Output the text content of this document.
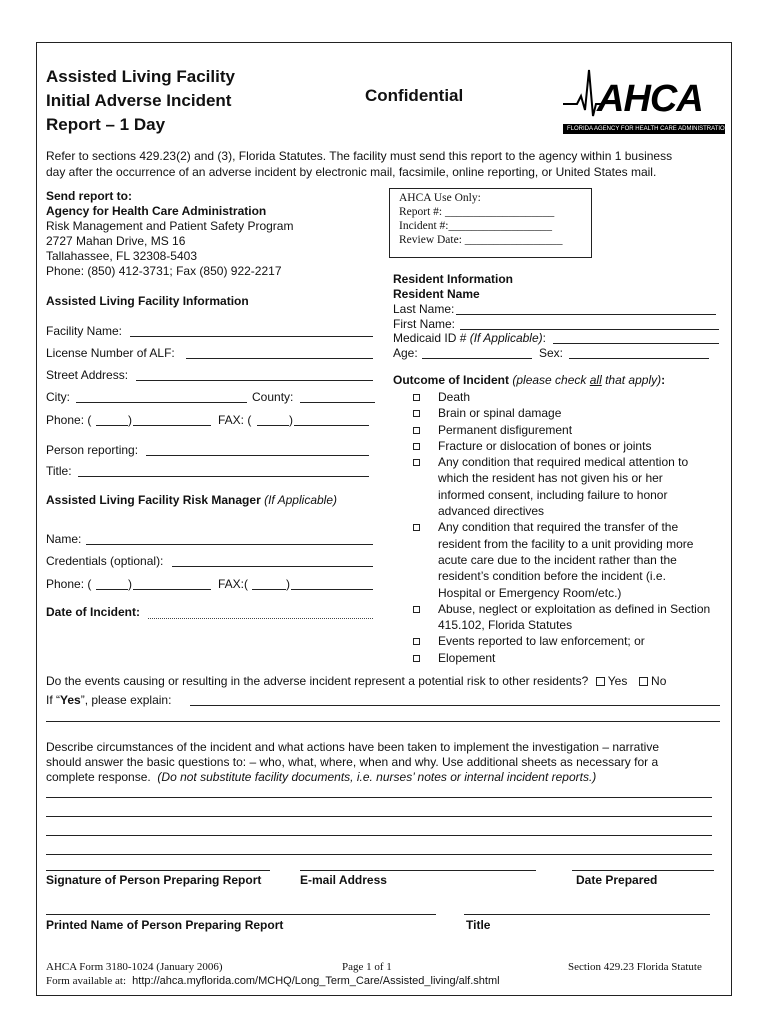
Assisted Living Facility
Initial Adverse Incident
Report – 1 Day
Confidential	AHCA
FLORIDA AGENCY FOR HEALTH CARE ADMINISTRATION
Refer to sections 429.23(2) and (3), Florida Statutes. The facility must send this report to the agency within 1 business
day after the occurrence of an adverse incident by electronic mail, facsimile, online reporting, or United States mail.
Send report to:
Agency for Health Care Administration
Risk Management and Patient Safety Program
2727 Mahan Drive, MS 16
Tallahassee, FL 32308-5403
Phone: (850) 412-3731; Fax (850) 922-2217
AHCA Use Only:
Report #: ___________________
Incident #:__________________
Review Date: _________________
Assisted Living Facility Information
Facility Name:
License Number of ALF:
Street Address:
City:	County:
Phone: (	)	FAX: (	)
Person reporting:
Title:
Assisted Living Facility Risk Manager (If Applicable)
Name:
Credentials (optional):
Phone: (	)	FAX:(	)
Date of Incident:
Resident Information
Resident Name
Last Name:
First Name:
Medicaid ID # (If Applicable):
Age:	Sex:
Outcome of Incident (please check all that apply):
Death
Brain or spinal damage
Permanent disfigurement
Fracture or dislocation of bones or joints
Any condition that required medical attention to which the resident has not given his or her informed consent, including failure to honor advanced directives
Any condition that required the transfer of the resident from the facility to a unit providing more acute care due to the incident rather than the resident’s condition before the incident (i.e. Hospital or Emergency Room/etc.)
Abuse, neglect or exploitation as defined in Section 415.102, Florida Statutes
Events reported to law enforcement; or
Elopement
Do the events causing or resulting in the adverse incident represent a potential risk to other residents? Yes No
If “Yes”, please explain:
Describe circumstances of the incident and what actions have been taken to implement the investigation – narrative
should answer the basic questions to: – who, what, where, when and why. Use additional sheets as necessary for a
complete response. (Do not substitute facility documents, i.e. nurses’ notes or internal incident reports.)
Signature of Person Preparing Report	E-mail Address	Date Prepared
Printed Name of Person Preparing Report	Title
AHCA Form 3180-1024 (January 2006)	Page 1 of 1	Section 429.23 Florida Statute
Form available at: http://ahca.myflorida.com/MCHQ/Long_Term_Care/Assisted_living/alf.shtml
